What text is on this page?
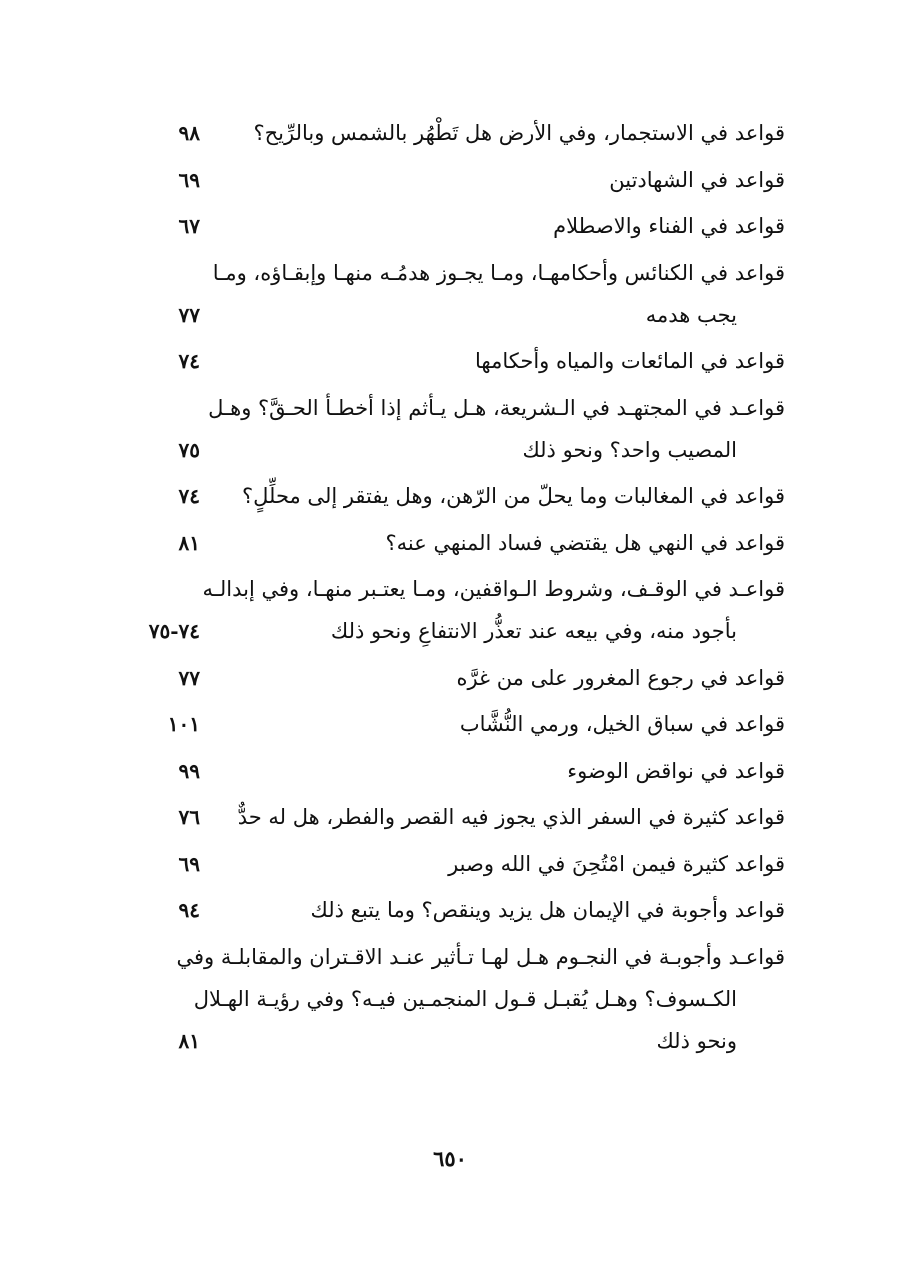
قواعد في الاستجمار، وفي الأرض هل تَطْهُر بالشمس وبالرِّيح؟
٩٨
قواعد في الشهادتين
٦٩
قواعد في الفناء والاصطلام
٦٧
قواعد في الكنائس وأحكامهـا، ومـا يجـوز هدمُـه منهـا وإبقـاؤه، ومـا
يجب هدمه
٧٧
قواعد في المائعات والمياه وأحكامها
٧٤
قواعـد في المجتهـد في الـشريعة، هـل يـأثم إذا أخطـأ الحـقَّ؟ وهـل
المصيب واحد؟ ونحو ذلك
٧٥
قواعد في المغالبات وما يحلّ من الرّهن، وهل يفتقر إلى محلِّلٍ؟
٧٤
قواعد في النهي هل يقتضي فساد المنهي عنه؟
٨١
قواعـد في الوقـف، وشروط الـواقفين، ومـا يعتـبر منهـا، وفي إبدالـه
بأجود منه، وفي بيعه عند تعذُّر الانتفاعِ ونحو ذلك
٧٤-٧٥
قواعد في رجوع المغرور على من غرَّه
٧٧
قواعد في سباق الخيل، ورمي النُّشَّاب
١٠١
قواعد في نواقض الوضوء
٩٩
قواعد كثيرة في السفر الذي يجوز فيه القصر والفطر، هل له حدٌّ
٧٦
قواعد كثيرة فيمن امْتُحِنَ في الله وصبر
٦٩
قواعد وأجوبة في الإيمان هل يزيد وينقص؟ وما يتبع ذلك
٩٤
قواعـد وأجوبـة في النجـوم هـل لهـا تـأثير عنـد الاقـتران والمقابلـة وفي
الكـسوف؟ وهـل يُقبـل قـول المنجمـين فيـه؟ وفي رؤيـة الهـلال
ونحو ذلك
٨١
٦٥٠
